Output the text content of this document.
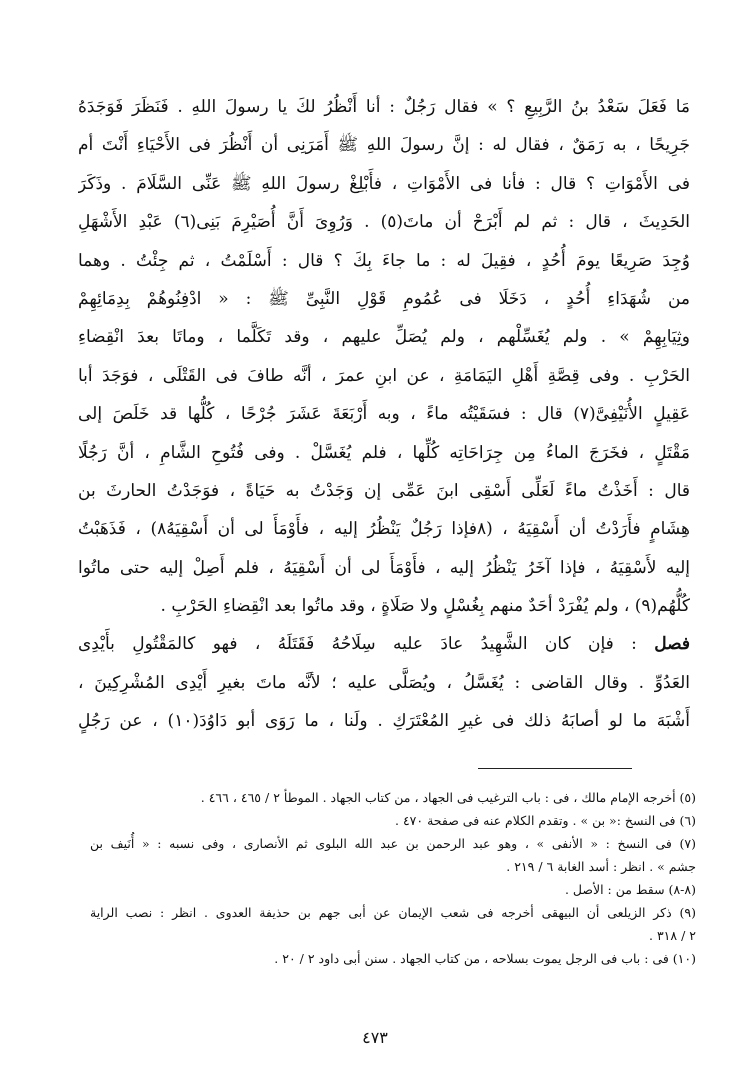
مَا فَعَلَ سَعْدُ بنُ الرَّبِيعِ ؟ » فقال رَجُلٌ : أنا أَنْظُرُ لكَ يا رسولَ اللهِ . فَنَظَرَ فَوَجَدَهُ
جَرِيحًا ، به رَمَقٌ ، فقال له : إنَّ رسولَ اللهِ ﷺ أَمَرَنِى أن أَنْظُرَ فى الأَحْيَاءِ أَنْتَ أم
فى الأَمْوَاتِ ؟ قال : فأنا فى الأَمْوَاتِ ، فأَبْلِغْ رسولَ اللهِ ﷺ عَنِّى السَّلَامَ . وذَكَرَ
الحَدِيثَ ، قال : ثم لم أَبْرَحْ أن ماتَ(٥) . وَرُوِىَ أَنَّ أُصَيْرِمَ بَنِى(٦) عَبْدِ الأَشْهَلِ
وُجِدَ صَرِيعًا يومَ أُحُدٍ ، فقِيلَ له : ما جاءَ بِكَ ؟ قال : أَسْلَمْتُ ، ثم جِئْتُ . وهما
من شُهَدَاءِ أُحُدٍ ، دَخَلَا فى عُمُومِ قَوْلِ النَّبِىِّ ﷺ : « ادْفِنُوهُمْ بِدِمَائِهِمْ
وثِيَابِهِمْ » . ولم يُغَسِّلْهم ، ولم يُصَلِّ عليهم ، وقد تَكَلَّما ، وماتَا بعدَ انْقِضاءِ
الحَرْبِ . وفى قِصَّةِ أَهْلِ اليَمَامَةِ ، عن ابنِ عمرَ ، أنَّه طافَ فى القَتْلَى ، فوَجَدَ أبا
عَقِيلٍ الأُنَيْفِىَّ(٧) قال : فسَقَيْتُه ماءً ، وبه أَرْبَعَةَ عَشَرَ جُرْحًا ، كُلُّها قد خَلَصَ إلى
مَقْتَلٍ ، فخَرَجَ الماءُ مِن جِرَاحَاتِه كُلِّها ، فلم يُغَسَّلْ . وفى فُتُوحِ الشَّامِ ، أنَّ رَجُلًا
قال : أَخَذْتُ ماءً لَعَلِّى أَسْقِى ابنَ عَمِّى إن وَجَدْتُ به حَيَاةً ، فوَجَدْتُ الحارثَ بن
هِشَامٍ فأَرَدْتُ أن أَسْقِيَهُ ، (٨فإذا رَجُلٌ يَنْظُرُ إليه ، فأَوْمَأَ لى أن أَسْقِيَهُ٨) ، فَذَهَبْتُ
إليه لأَسْقِيَهُ ، فإذا آخَرُ يَنْظُرُ إليه ، فأَوْمَأَ لى أن أَسْقِيَهُ ، فلم أَصِلْ إليه حتى ماتُوا
كُلُّهُم(٩) ، ولم يُفْرَدْ أحَدٌ منهم بِغُسْلٍ ولا صَلَاةٍ ، وقد ماتُوا بعد انْقِضاءِ الحَرْبِ .
فصل : فإن كان الشَّهِيدُ عادَ عليه سِلَاحُهُ فَقَتَلَهُ ، فهو كالمَقْتُولِ بأَيْدِى
العَدُوِّ . وقال القاضى : يُغَسَّلُ ، ويُصَلَّى عليه ؛ لأنَّه ماتَ بغيرِ أَيْدِى المُشْرِكِينَ ،
أَشْبَهَ ما لو أصابَهُ ذلك فى غيرِ المُعْتَرَكِ . ولَنا ، ما رَوَى أبو دَاوُدَ(١٠) ، عن رَجُلٍ
(٥) أخرجه الإمام مالك ، فى : باب الترغيب فى الجهاد ، من كتاب الجهاد . الموطأ ٢ / ٤٦٥ ، ٤٦٦ .
(٦) فى النسخ :« بن » . وتقدم الكلام عنه فى صفحة ٤٧٠ .
(٧) فى النسخ : « الأنفى » ، وهو عبد الرحمن بن عبد الله البلوى ثم الأنصارى ، وفى نسبه : « أُنَيف بن
جشم » . انظر : أسد الغابة ٦ / ٢١٩ .
(٨-٨) سقط من : الأصل .
(٩) ذكر الزيلعى أن البيهقى أخرجه فى شعب الإيمان عن أبى جهم بن حذيفة العدوى . انظر : نصب الراية
٢ / ٣١٨ .
(١٠) فى : باب فى الرجل يموت بسلاحه ، من كتاب الجهاد . سنن أبى داود ٢ / ٢٠ .
٤٧٣
